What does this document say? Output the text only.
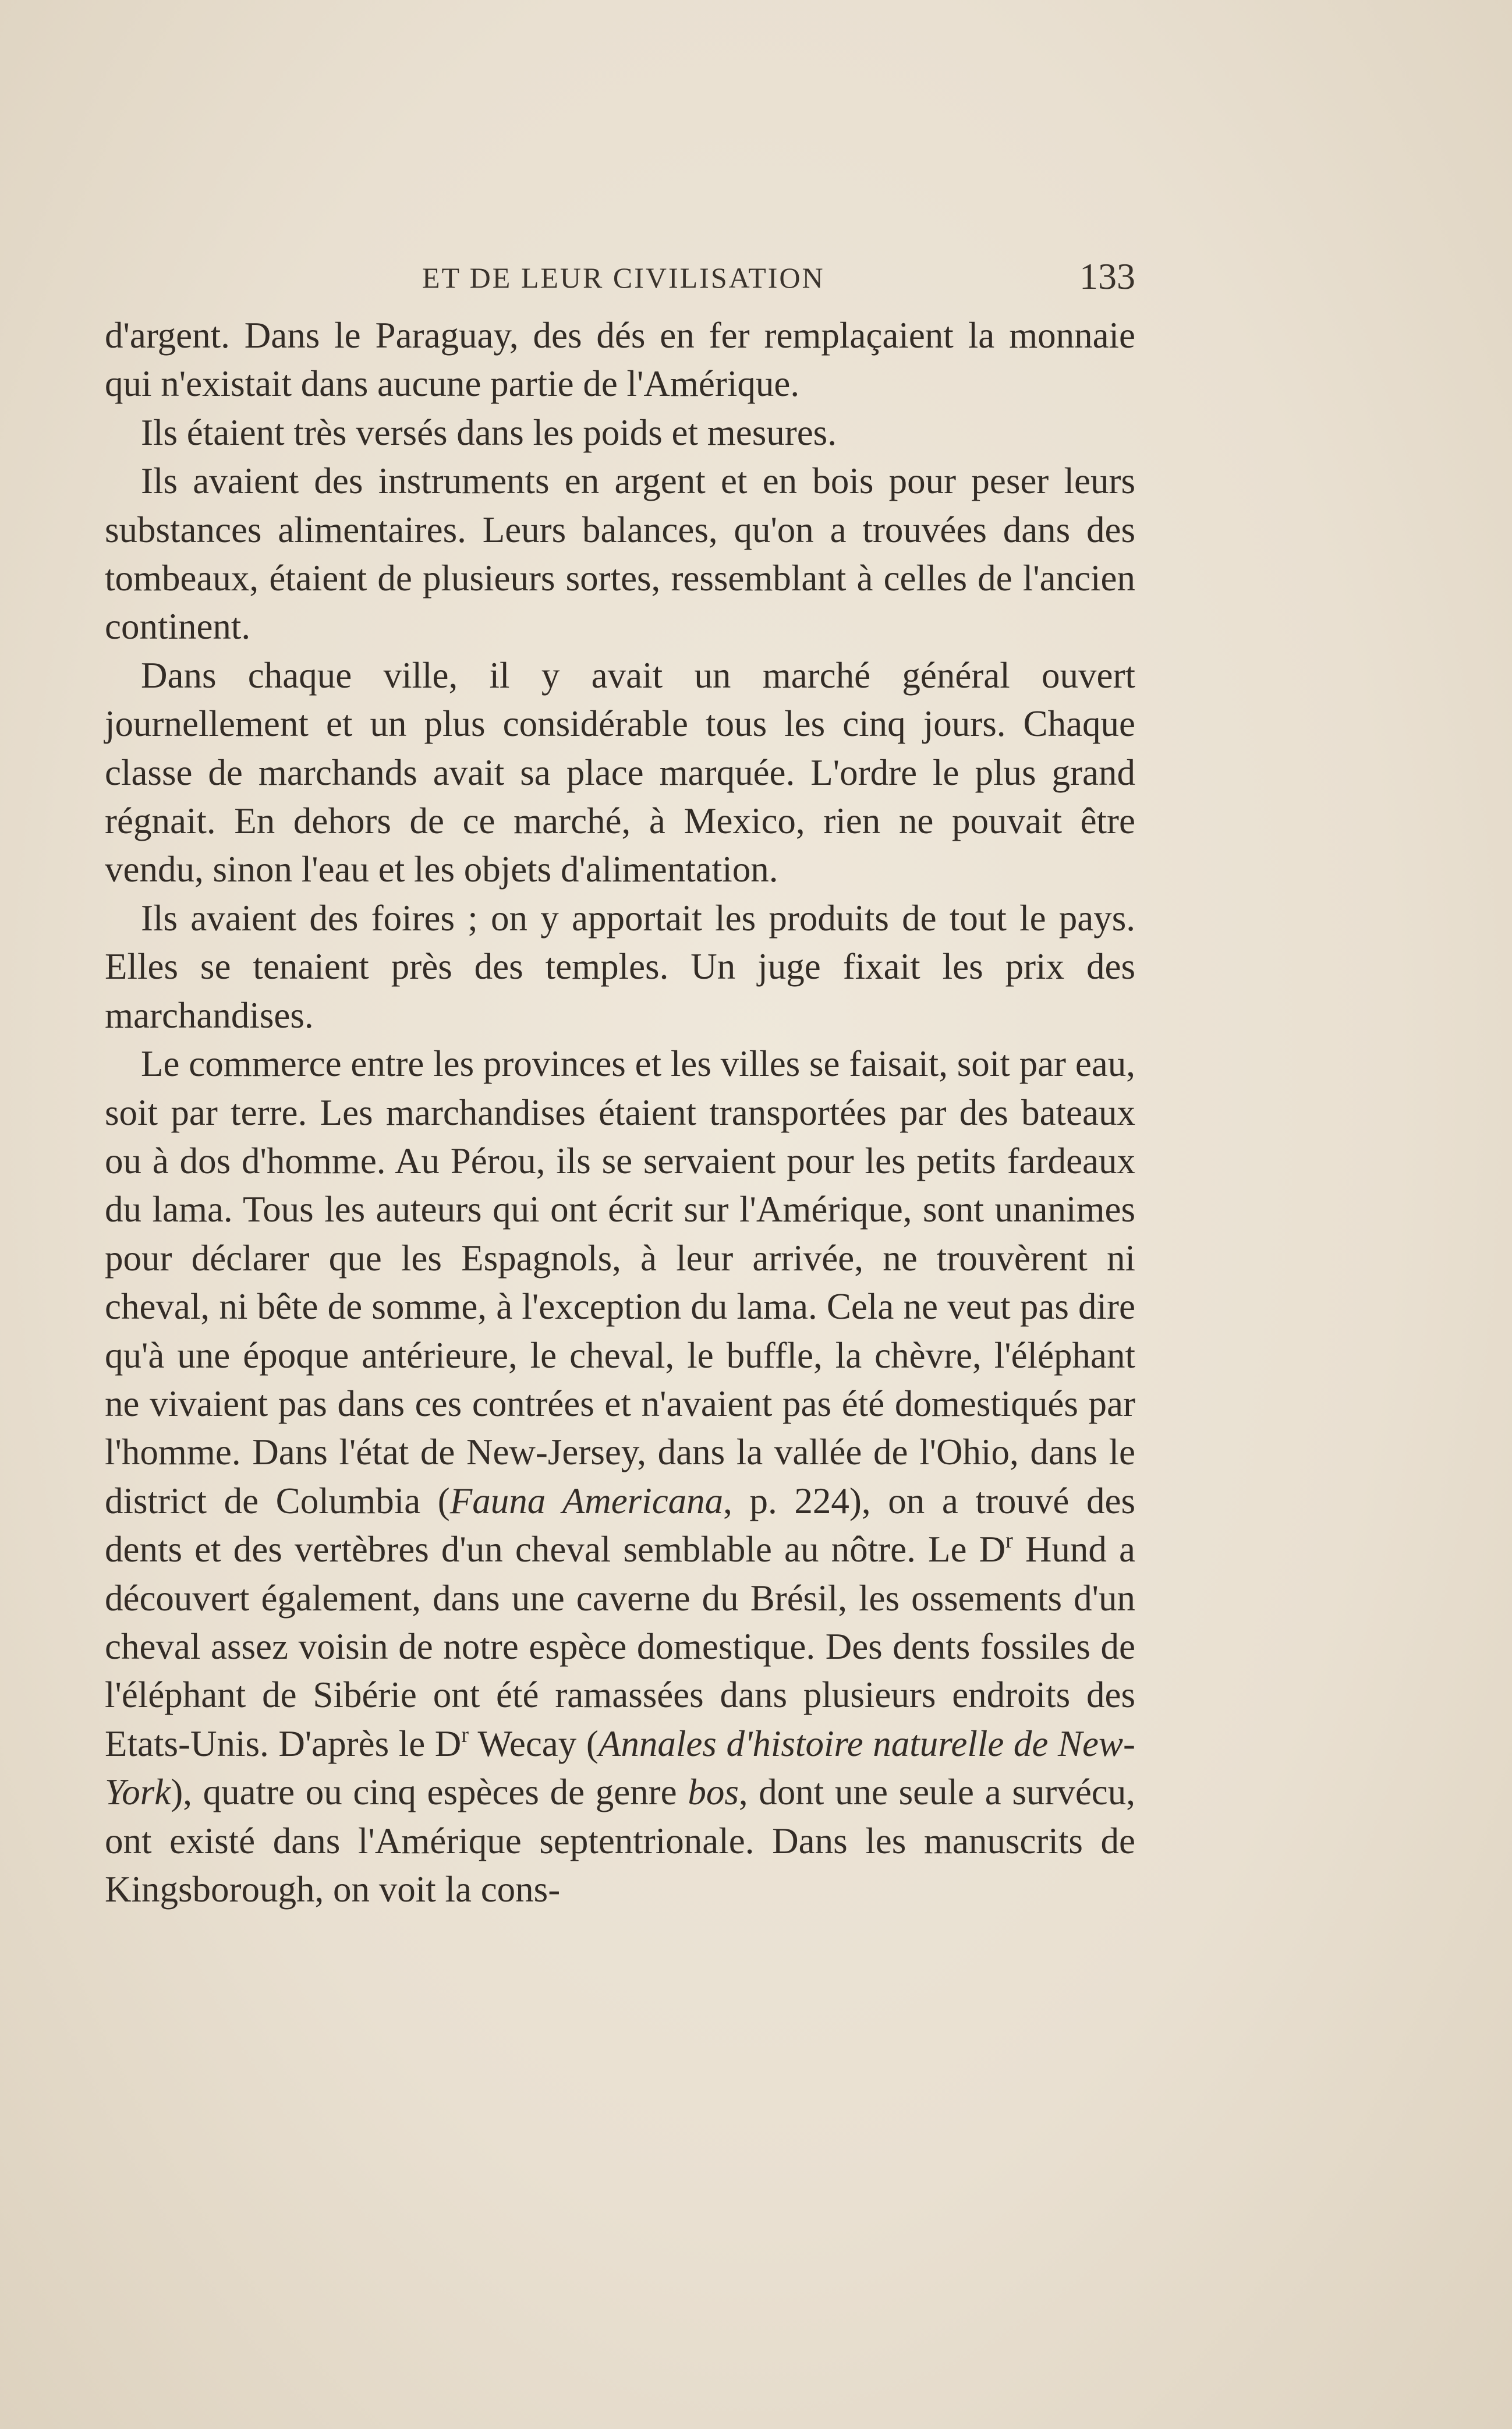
ET DE LEUR CIVILISATION	133

d'argent. Dans le Paraguay, des dés en fer remplaçaient la monnaie qui n'existait dans aucune partie de l'Amérique.

Ils étaient très versés dans les poids et mesures.

Ils avaient des instruments en argent et en bois pour peser leurs substances alimentaires. Leurs balances, qu'on a trouvées dans des tombeaux, étaient de plusieurs sortes, ressemblant à celles de l'ancien continent.

Dans chaque ville, il y avait un marché général ouvert journellement et un plus considérable tous les cinq jours. Chaque classe de marchands avait sa place marquée. L'ordre le plus grand régnait. En dehors de ce marché, à Mexico, rien ne pouvait être vendu, sinon l'eau et les objets d'alimentation.

Ils avaient des foires ; on y apportait les produits de tout le pays. Elles se tenaient près des temples. Un juge fixait les prix des marchandises.

Le commerce entre les provinces et les villes se faisait, soit par eau, soit par terre. Les marchandises étaient transportées par des bateaux ou à dos d'homme. Au Pérou, ils se servaient pour les petits fardeaux du lama. Tous les auteurs qui ont écrit sur l'Amérique, sont unanimes pour déclarer que les Espagnols, à leur arrivée, ne trouvèrent ni cheval, ni bête de somme, à l'exception du lama. Cela ne veut pas dire qu'à une époque antérieure, le cheval, le buffle, la chèvre, l'éléphant ne vivaient pas dans ces contrées et n'avaient pas été domestiqués par l'homme. Dans l'état de New-Jersey, dans la vallée de l'Ohio, dans le district de Columbia (Fauna Americana, p. 224), on a trouvé des dents et des vertèbres d'un cheval semblable au nôtre. Le $D^r$ Hund a découvert également, dans une caverne du Brésil, les ossements d'un cheval assez voisin de notre espèce domestique. Des dents fossiles de l'éléphant de Sibérie ont été ramassées dans plusieurs endroits des Etats-Unis. D'après le $D^r$ Wecay (Annales d'histoire naturelle de New-York), quatre ou cinq espèces de genre bos, dont une seule a survécu, ont existé dans l'Amérique septentrionale. Dans les manuscrits de Kingsborough, on voit la cons-
